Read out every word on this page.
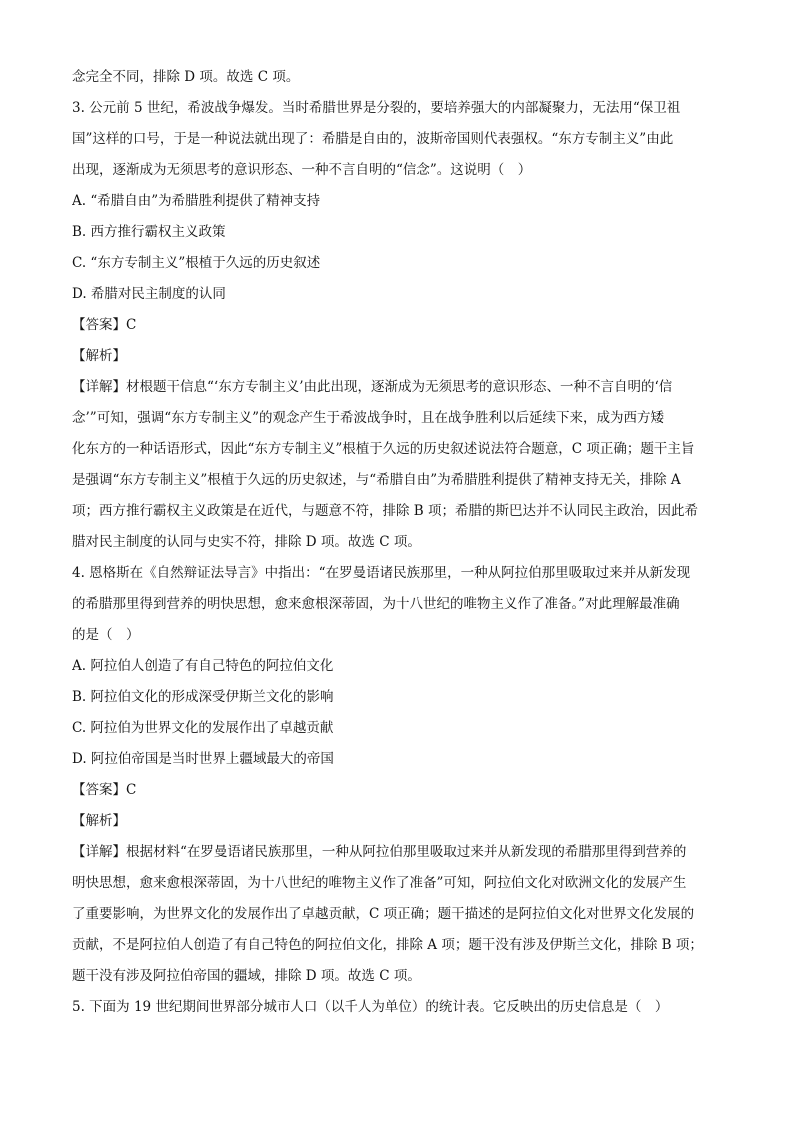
念完全不同，排除 D 项。故选 C 项。
3. 公元前 5 世纪，希波战争爆发。当时希腊世界是分裂的，要培养强大的内部凝聚力，无法用“保卫祖
国”这样的口号，于是一种说法就出现了：希腊是自由的，波斯帝国则代表强权。“东方专制主义”由此
出现，逐渐成为无须思考的意识形态、一种不言自明的“信念”。这说明（　）
A. “希腊自由”为希腊胜利提供了精神支持
B. 西方推行霸权主义政策
C. “东方专制主义”根植于久远的历史叙述
D. 希腊对民主制度的认同
【答案】C
【解析】
【详解】材根题干信息“‘东方专制主义’由此出现，逐渐成为无须思考的意识形态、一种不言自明的‘信
念’”可知，强调“东方专制主义”的观念产生于希波战争时，且在战争胜利以后延续下来，成为西方矮
化东方的一种话语形式，因此“东方专制主义”根植于久远的历史叙述说法符合题意，C 项正确；题干主旨
是强调“东方专制主义”根植于久远的历史叙述，与“希腊自由”为希腊胜利提供了精神支持无关，排除 A
项；西方推行霸权主义政策是在近代，与题意不符，排除 B 项；希腊的斯巴达并不认同民主政治，因此希
腊对民主制度的认同与史实不符，排除 D 项。故选 C 项。
4. 恩格斯在《自然辩证法导言》中指出：“在罗曼语诸民族那里，一种从阿拉伯那里吸取过来并从新发现
的希腊那里得到营养的明快思想，愈来愈根深蒂固，为十八世纪的唯物主义作了准备。”对此理解最准确
的是（　）
A. 阿拉伯人创造了有自己特色的阿拉伯文化
B. 阿拉伯文化的形成深受伊斯兰文化的影响
C. 阿拉伯为世界文化的发展作出了卓越贡献
D. 阿拉伯帝国是当时世界上疆域最大的帝国
【答案】C
【解析】
【详解】根据材料“在罗曼语诸民族那里，一种从阿拉伯那里吸取过来并从新发现的希腊那里得到营养的
明快思想，愈来愈根深蒂固，为十八世纪的唯物主义作了准备”可知，阿拉伯文化对欧洲文化的发展产生
了重要影响，为世界文化的发展作出了卓越贡献，C 项正确；题干描述的是阿拉伯文化对世界文化发展的
贡献，不是阿拉伯人创造了有自己特色的阿拉伯文化，排除 A 项；题干没有涉及伊斯兰文化，排除 B 项；
题干没有涉及阿拉伯帝国的疆域，排除 D 项。故选 C 项。
5. 下面为 19 世纪期间世界部分城市人口（以千人为单位）的统计表。它反映出的历史信息是（　）
